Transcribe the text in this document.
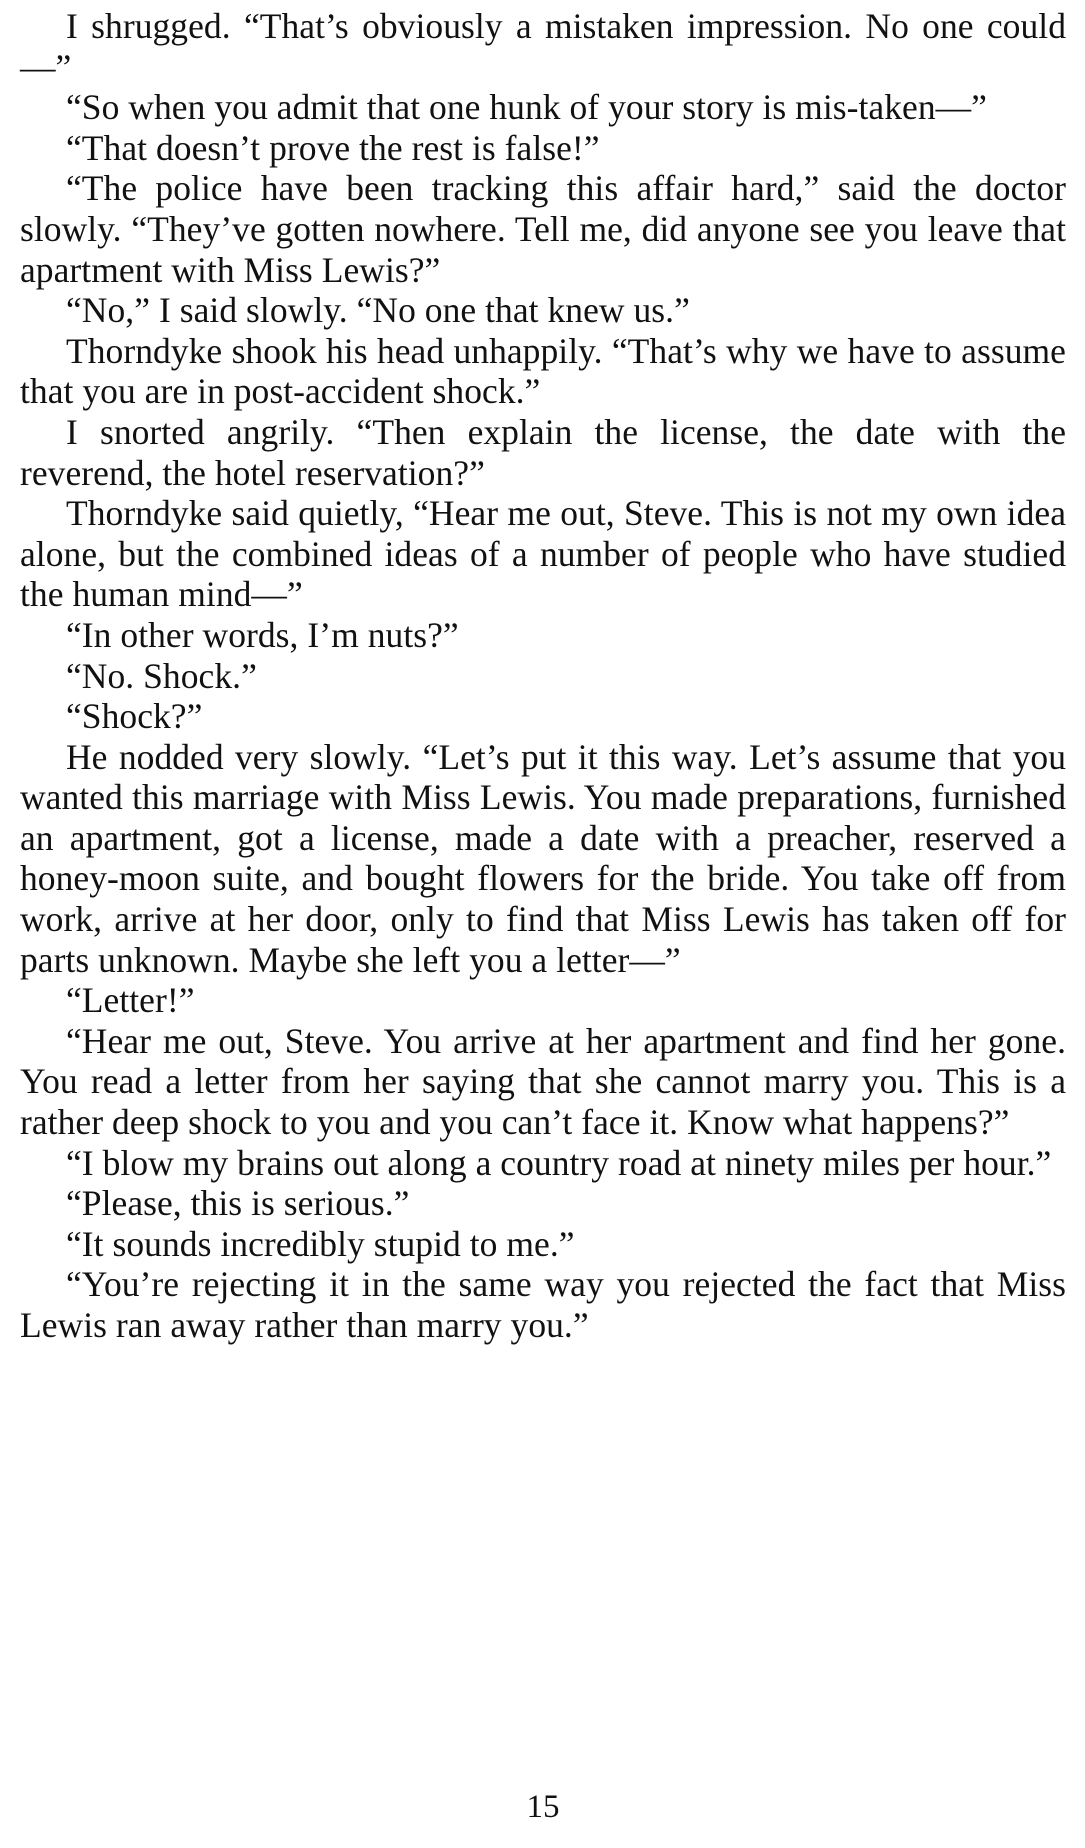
I shrugged. “That’s obviously a mistaken impression. No one could—”

“So when you admit that one hunk of your story is mis-taken—”

“That doesn’t prove the rest is false!”

“The police have been tracking this affair hard,” said the doctor slowly. “They’ve gotten nowhere. Tell me, did anyone see you leave that apartment with Miss Lewis?”

“No,” I said slowly. “No one that knew us.”

Thorndyke shook his head unhappily. “That’s why we have to assume that you are in post-accident shock.”

I snorted angrily. “Then explain the license, the date with the reverend, the hotel reservation?”

Thorndyke said quietly, “Hear me out, Steve. This is not my own idea alone, but the combined ideas of a number of people who have studied the human mind—”

“In other words, I’m nuts?”

“No. Shock.”

“Shock?”

He nodded very slowly. “Let’s put it this way. Let’s assume that you wanted this marriage with Miss Lewis. You made preparations, furnished an apartment, got a license, made a date with a preacher, reserved a honey-moon suite, and bought flowers for the bride. You take off from work, arrive at her door, only to find that Miss Lewis has taken off for parts unknown. Maybe she left you a letter—”

“Letter!”

“Hear me out, Steve. You arrive at her apartment and find her gone. You read a letter from her saying that she cannot marry you. This is a rather deep shock to you and you can’t face it. Know what happens?”

“I blow my brains out along a country road at ninety miles per hour.”

“Please, this is serious.”

“It sounds incredibly stupid to me.”

“You’re rejecting it in the same way you rejected the fact that Miss Lewis ran away rather than marry you.”

15
